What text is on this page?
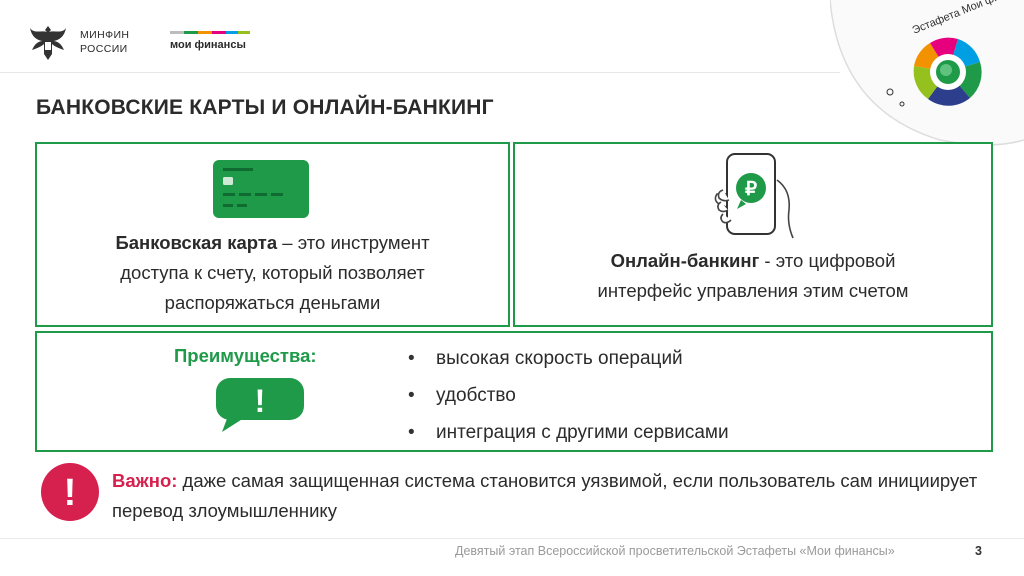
МИНФИН
РОССИИ	мои финансы
БАНКОВСКИЕ КАРТЫ И ОНЛАЙН-БАНКИНГ
Банковская карта – это инструмент
доступа к счету, который позволяет
распоряжаться деньгами
₽
Онлайн-банкинг - это цифровой
интерфейс управления этим счетом
Преимущества:
!
• высокая скорость операций
• удобство
• интеграция с другими сервисами
! Важно: даже самая защищенная система становится уязвимой, если пользователь сам инициирует перевод злоумышленнику
Девятый этап Всероссийской просветительской Эстафеты «Мои финансы»	3
